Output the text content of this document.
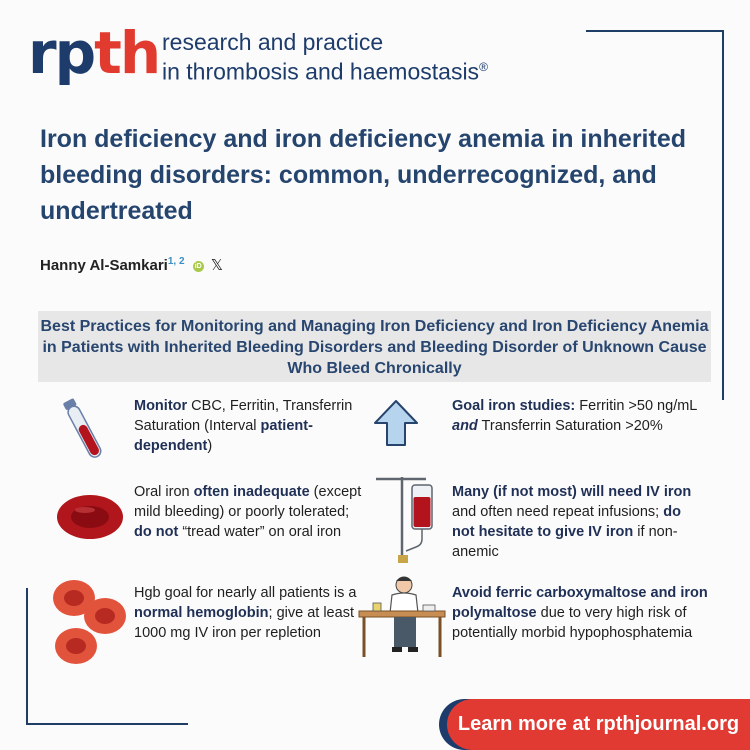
rpth research and practice
in thrombosis and haemostasis®
Iron deficiency and iron deficiency anemia in inherited bleeding disorders: common, underrecognized, and undertreated
Hanny Al-Samkari$^{1, 2}$ iD 𝕏
Best Practices for Monitoring and Managing Iron Deficiency and Iron Deficiency Anemia in Patients with Inherited Bleeding Disorders and Bleeding Disorder of Unknown Cause Who Bleed Chronically
Monitor CBC, Ferritin, Transferrin Saturation (Interval patient-dependent)
Goal iron studies: Ferritin >50 ng/mL and Transferrin Saturation >20%
Oral iron often inadequate (except mild bleeding) or poorly tolerated; do not “tread water” on oral iron
Many (if not most) will need IV iron and often need repeat infusions; do not hesitate to give IV iron if non-anemic
Hgb goal for nearly all patients is a normal hemoglobin; give at least 1000 mg IV iron per repletion
Avoid ferric carboxymaltose and iron polymaltose due to very high risk of potentially morbid hypophosphatemia
Learn more at rpthjournal.org
